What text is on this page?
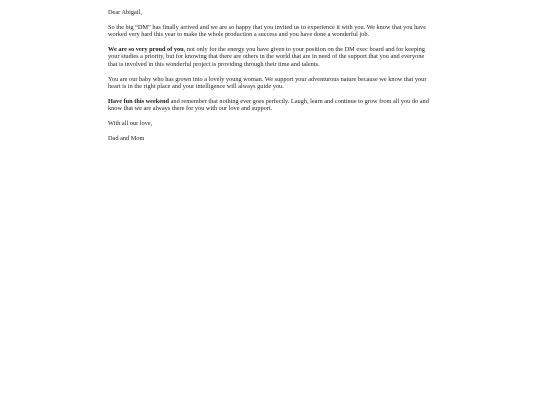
Dear Abigail,

So the big “DM” has finally arrived and we are so happy that you invited us to experience it with you. We know that you have worked very hard this year to make the whole production a success and you have done a wonderful job.

We are so very proud of you, not only for the energy you have given to your position on the DM exec board and for keeping your studies a priority, but for knowing that there are others in the world that are in need of the support that you and everyone that is involved in this wonderful project is providing through their time and talents.

You are our baby who has grown into a lovely young woman. We support your adventurous nature because we know that your heart is in the right place and your intelligence will always guide you.

Have fun this weekend and remember that nothing ever goes perfectly. Laugh, learn and continue to grow from all you do and know that we are always there for you with our love and support.

With all our love,

Dad and Mom
